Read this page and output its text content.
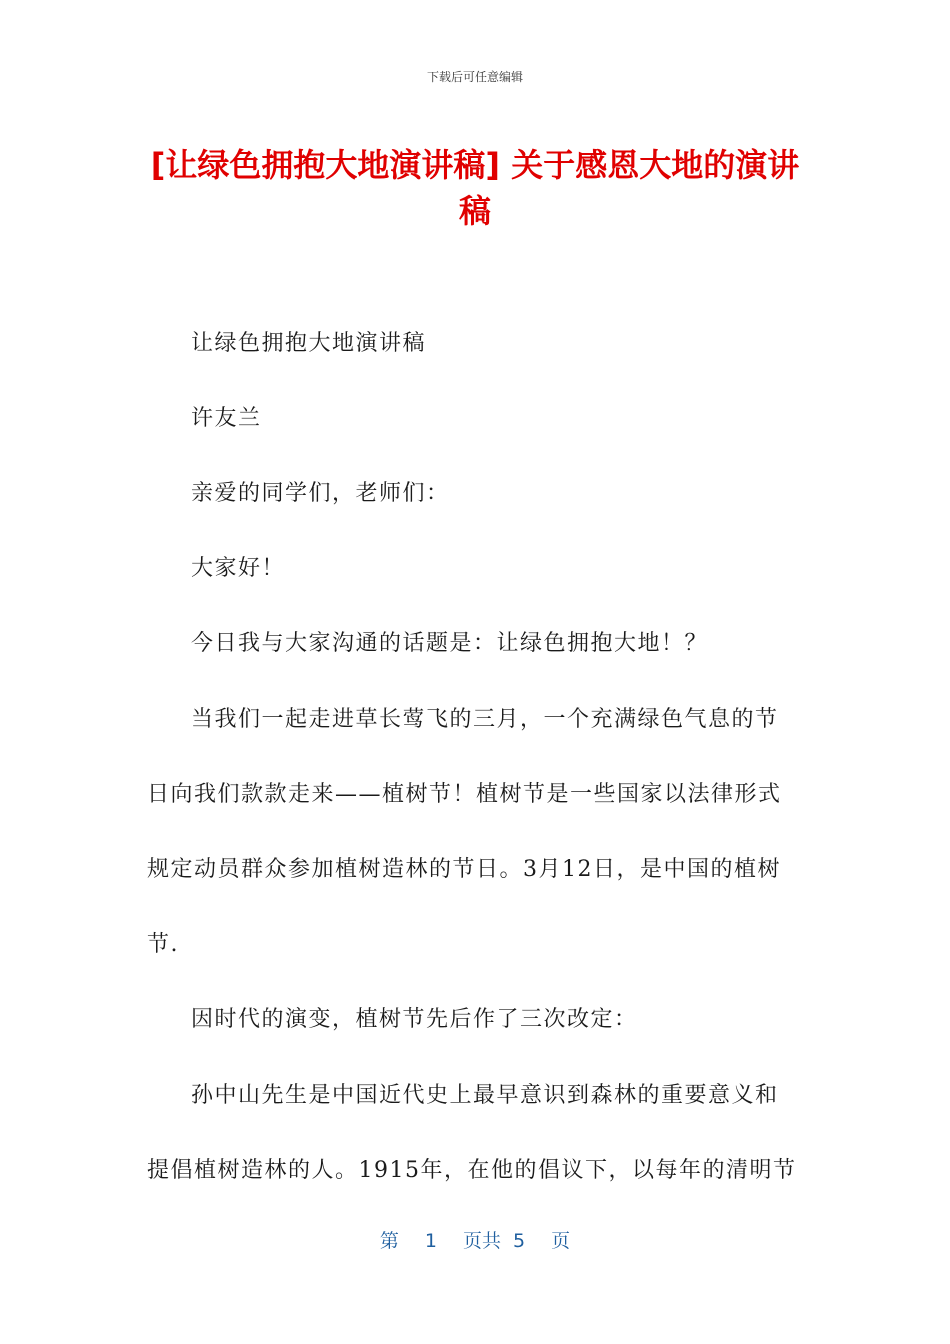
下载后可任意编辑
[让绿色拥抱大地演讲稿] 关于感恩大地的演讲稿

让绿色拥抱大地演讲稿

许友兰

亲爱的同学们，老师们：

大家好！

今日我与大家沟通的话题是：让绿色拥抱大地！？

当我们一起走进草长莺飞的三月，一个充满绿色气息的节日向我们款款走来——植树节！植树节是一些国家以法律形式规定动员群众参加植树造林的节日。3月12日，是中国的植树节.

因时代的演变，植树节先后作了三次改定：

孙中山先生是中国近代史上最早意识到森林的重要意义和提倡植树造林的人。1915年，在他的倡议下，以每年的清明节

第 1 页共 5 页
